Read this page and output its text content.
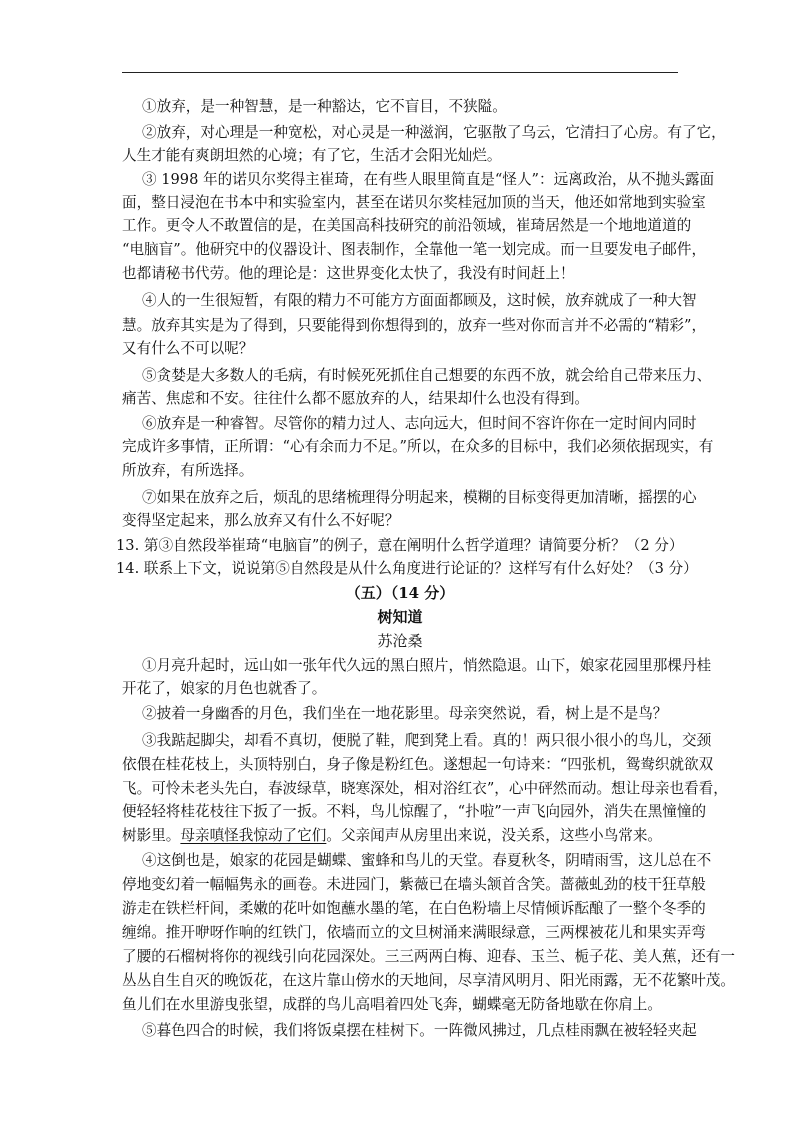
①放弃，是一种智慧，是一种豁达，它不盲目，不狭隘。
②放弃，对心理是一种宽松，对心灵是一种滋润，它驱散了乌云，它清扫了心房。有了它，
人生才能有爽朗坦然的心境；有了它，生活才会阳光灿烂。
③ 1998 年的诺贝尔奖得主崔琦，在有些人眼里简直是“怪人”：远离政治，从不抛头露面
面，整日浸泡在书本中和实验室内，甚至在诺贝尔奖桂冠加顶的当天，他还如常地到实验室
工作。更令人不敢置信的是，在美国高科技研究的前沿领域，崔琦居然是一个地地道道的
“电脑盲”。他研究中的仪器设计、图表制作，全靠他一笔一划完成。而一旦要发电子邮件，
也都请秘书代劳。他的理论是：这世界变化太快了，我没有时间赶上！
④人的一生很短暂，有限的精力不可能方方面面都顾及，这时候，放弃就成了一种大智
慧。放弃其实是为了得到，只要能得到你想得到的，放弃一些对你而言并不必需的“精彩”，
又有什么不可以呢？
⑤贪婪是大多数人的毛病，有时候死死抓住自己想要的东西不放，就会给自己带来压力、
痛苦、焦虑和不安。往往什么都不愿放弃的人，结果却什么也没有得到。
⑥放弃是一种睿智。尽管你的精力过人、志向远大，但时间不容许你在一定时间内同时
完成许多事情，正所谓：“心有余而力不足。”所以，在众多的目标中，我们必须依据现实，有
所放弃，有所选择。
⑦如果在放弃之后，烦乱的思绪梳理得分明起来，模糊的目标变得更加清晰，摇摆的心
变得坚定起来，那么放弃又有什么不好呢？
13. 第③自然段举崔琦“电脑盲”的例子，意在阐明什么哲学道理？请简要分析？（2 分）
14. 联系上下文，说说第⑤自然段是从什么角度进行论证的？这样写有什么好处？（3 分）
（五）（14 分）
树知道
苏沧桑
①月亮升起时，远山如一张年代久远的黑白照片，悄然隐退。山下，娘家花园里那棵丹桂
开花了，娘家的月色也就香了。
②披着一身幽香的月色，我们坐在一地花影里。母亲突然说，看，树上是不是鸟？
③我踮起脚尖，却看不真切，便脱了鞋，爬到凳上看。真的！两只很小很小的鸟儿，交颈
依偎在桂花枝上，头顶特别白，身子像是粉红色。遂想起一句诗来：“四张机，鸳鸯织就欲双
飞。可怜未老头先白，春波绿草，晓寒深处，相对浴红衣”，心中砰然而动。想让母亲也看看，
便轻轻将桂花枝往下扳了一扳。不料，鸟儿惊醒了，“扑啦”一声飞向园外，消失在黑憧憧的
树影里。母亲嗔怪我惊动了它们。父亲闻声从房里出来说，没关系，这些小鸟常来。
④这倒也是，娘家的花园是蝴蝶、蜜蜂和鸟儿的天堂。春夏秋冬，阴晴雨雪，这儿总在不
停地变幻着一幅幅隽永的画卷。未进园门，紫薇已在墙头颔首含笑。蔷薇虬劲的枝干狂草般
游走在铁栏杆间，柔嫩的花叶如饱蘸水墨的笔，在白色粉墙上尽情倾诉酝酿了一整个冬季的
缠绵。推开咿呀作响的红铁门，依墙而立的文旦树涌来满眼绿意，三两棵被花儿和果实弄弯
了腰的石榴树将你的视线引向花园深处。三三两两白梅、迎春、玉兰、栀子花、美人蕉，还有一
丛丛自生自灭的晚饭花，在这片靠山傍水的天地间，尽享清风明月、阳光雨露，无不花繁叶茂。
鱼儿们在水里游曳张望，成群的鸟儿高唱着四处飞奔，蝴蝶毫无防备地歇在你肩上。
⑤暮色四合的时候，我们将饭桌摆在桂树下。一阵微风拂过，几点桂雨飘在被轻轻夹起
